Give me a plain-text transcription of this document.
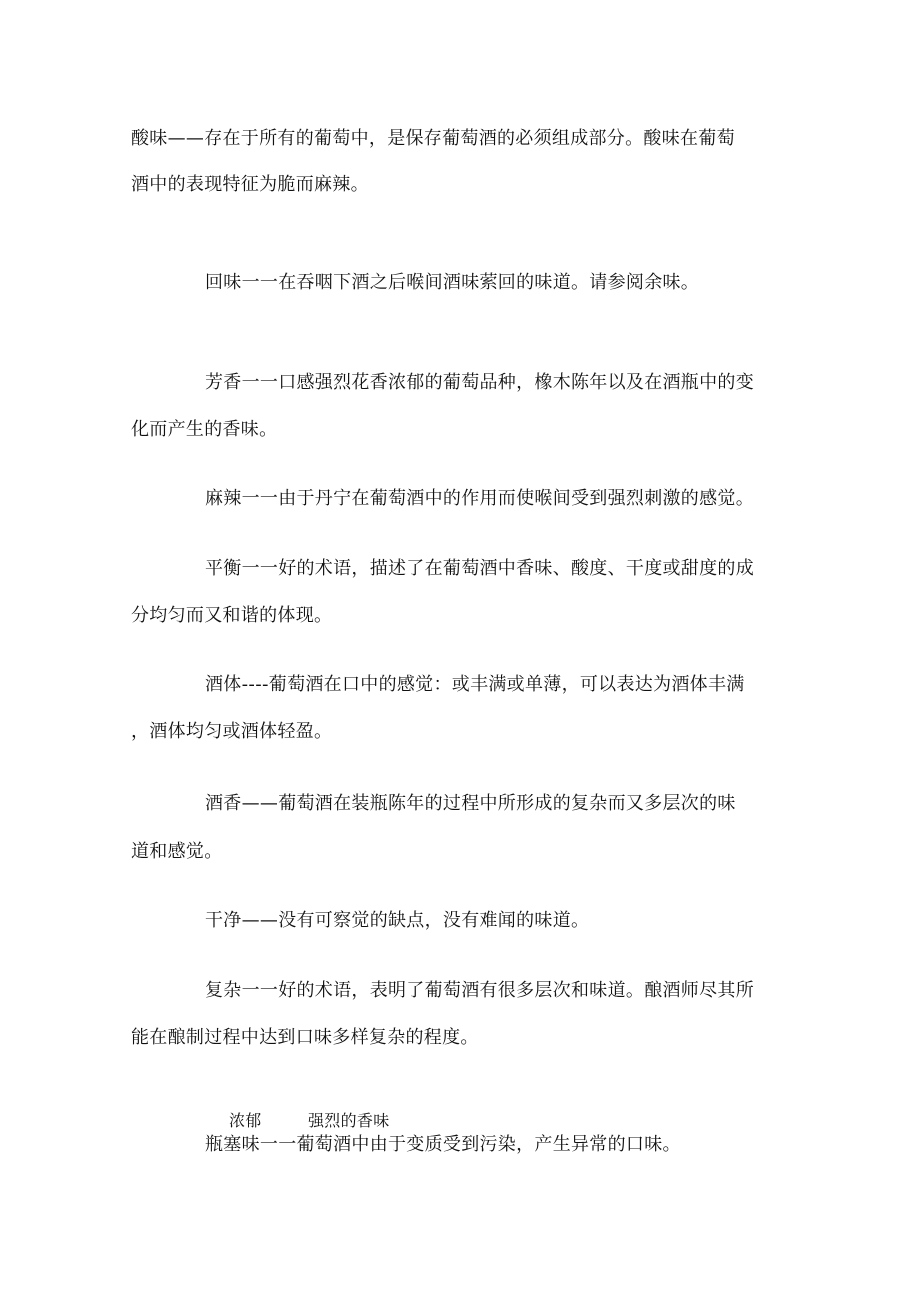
酸味——存在于所有的葡萄中，是保存葡萄酒的必须组成部分。酸味在葡萄

酒中的表现特征为脆而麻辣。

回味一一在吞咽下酒之后喉间酒味萦回的味道。请参阅余味。

芳香一一口感强烈花香浓郁的葡萄品种，橡木陈年以及在酒瓶中的变

化而产生的香味。

麻辣一一由于丹宁在葡萄酒中的作用而使喉间受到强烈刺激的感觉。

平衡一一好的术语，描述了在葡萄酒中香味、酸度、干度或甜度的成

分均匀而又和谐的体现。

酒体----葡萄酒在口中的感觉：或丰满或单薄，可以表达为酒体丰满

，酒体均匀或酒体轻盈。

酒香——葡萄酒在装瓶陈年的过程中所形成的复杂而又多层次的味

道和感觉。

干净——没有可察觉的缺点，没有难闻的味道。

复杂一一好的术语，表明了葡萄酒有很多层次和味道。酿酒师尽其所

能在酿制过程中达到口味多样复杂的程度。

浓郁	强烈的香味

瓶塞味一一葡萄酒中由于变质受到污染，产生异常的口味。
